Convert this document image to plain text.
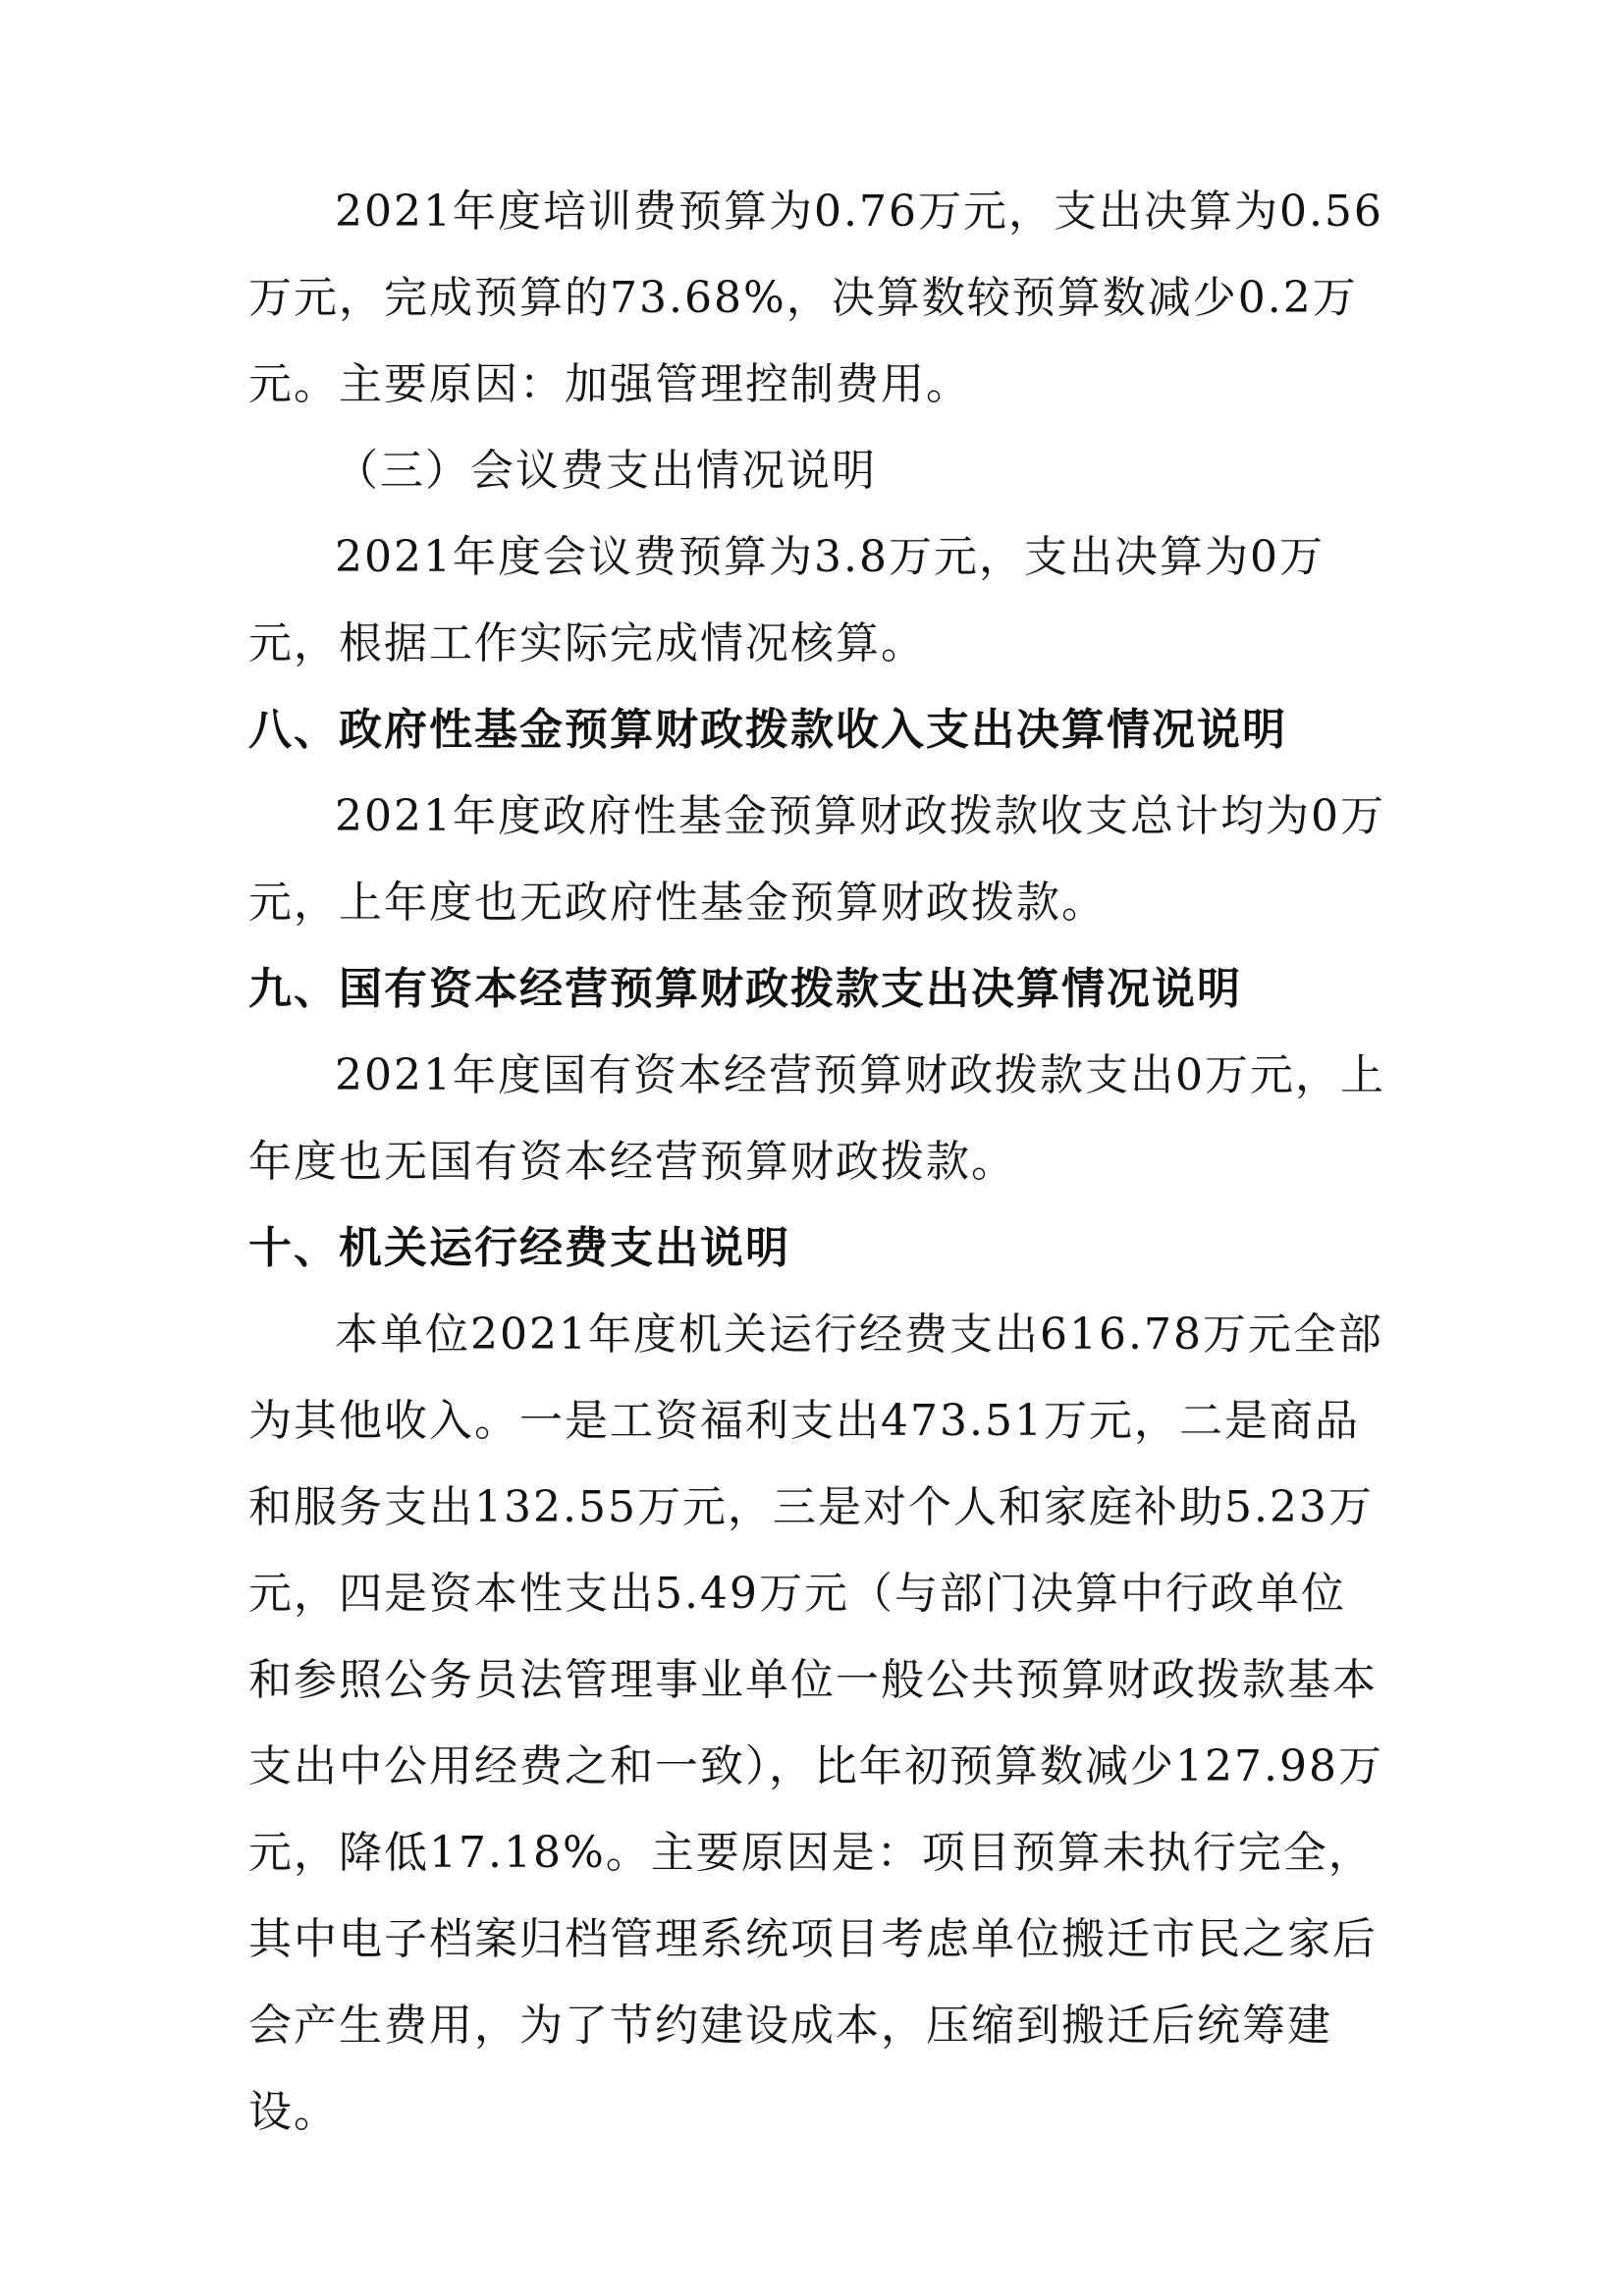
2021年度培训费预算为0.76万元，支出决算为0.56万元，完成预算的73.68%，决算数较预算数减少0.2万元。主要原因：加强管理控制费用。

（三）会议费支出情况说明

2021年度会议费预算为3.8万元，支出决算为0万元，根据工作实际完成情况核算。

八、政府性基金预算财政拨款收入支出决算情况说明

2021年度政府性基金预算财政拨款收支总计均为0万元，上年度也无政府性基金预算财政拨款。

九、国有资本经营预算财政拨款支出决算情况说明

2021年度国有资本经营预算财政拨款支出0万元，上年度也无国有资本经营预算财政拨款。

十、机关运行经费支出说明

本单位2021年度机关运行经费支出616.78万元全部为其他收入。一是工资福利支出473.51万元，二是商品和服务支出132.55万元，三是对个人和家庭补助5.23万元，四是资本性支出5.49万元（与部门决算中行政单位和参照公务员法管理事业单位一般公共预算财政拨款基本支出中公用经费之和一致），比年初预算数减少127.98万元，降低17.18%。主要原因是：项目预算未执行完全，其中电子档案归档管理系统项目考虑单位搬迁市民之家后会产生费用，为了节约建设成本，压缩到搬迁后统筹建设。
